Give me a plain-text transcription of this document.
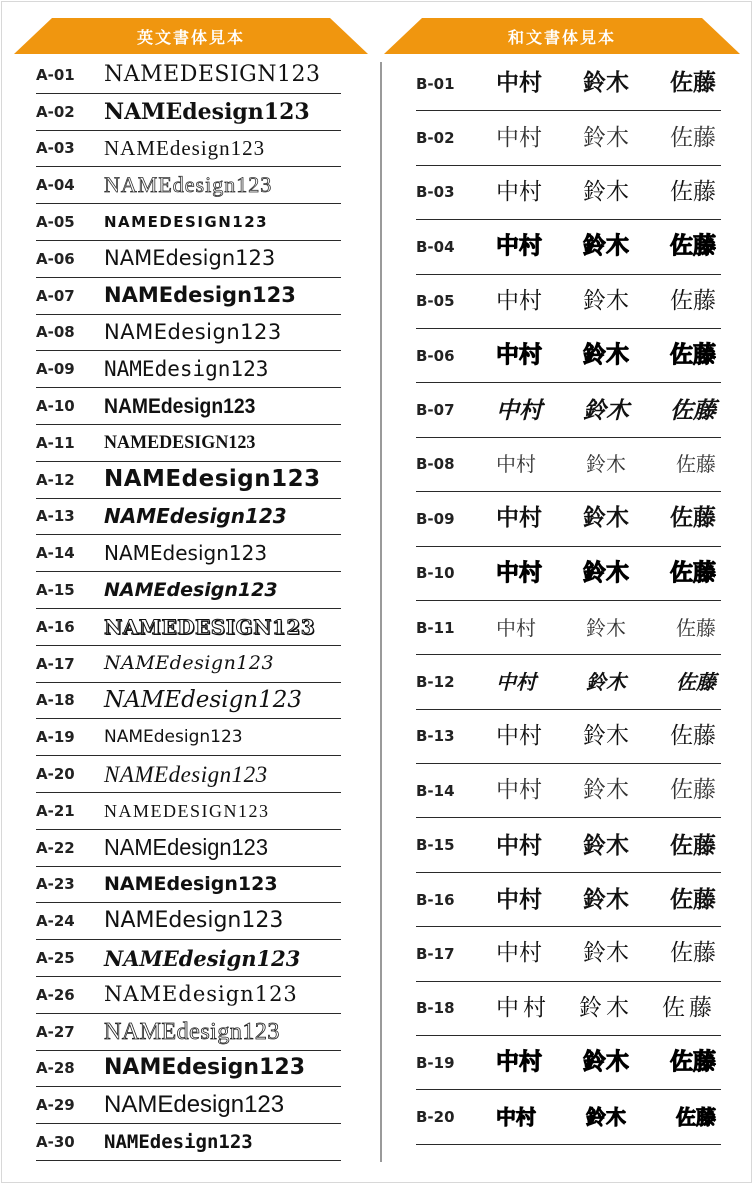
英文書体見本	和文書体見本
A-01	NAMEDESIGN123
A-02	NAMEdesign123
A-03	NAMEdesign123
A-04	NAMEdesign123
A-05	NAMEDESIGN123
A-06	NAMEdesign123
A-07	NAMEdesign123
A-08	NAMEdesign123
A-09	NAMEdesign123
A-10	NAMEdesign123
A-11	NAMEDESIGN123
A-12	NAMEdesign123
A-13	NAMEdesign123
A-14	NAMEdesign123
A-15	NAMEdesign123
A-16	NAMEDESIGN123
A-17	NAMEdesign123
A-18	NAMEdesign123
A-19	NAMEdesign123
A-20	NAMEdesign123
A-21	NAMEDESIGN123
A-22	NAMEdesign123
A-23	NAMEdesign123
A-24	NAMEdesign123
A-25	NAMEdesign123
A-26	NAMEdesign123
A-27	NAMEdesign123
A-28	NAMEdesign123
A-29	NAMEdesign123
A-30	NAMEdesign123
B-01	中村 鈴木 佐藤
B-02	中村 鈴木 佐藤
B-03	中村 鈴木 佐藤
B-04	中村 鈴木 佐藤
B-05	中村 鈴木 佐藤
B-06	中村 鈴木 佐藤
B-07	中村 鈴木 佐藤
B-08	中村	鈴木	佐藤
B-09	中村 鈴木 佐藤
B-10	中村 鈴木 佐藤
B-11	中村	鈴木	佐藤
B-12	中村	鈴木	佐藤
B-13	中村 鈴木 佐藤
B-14	中村 鈴木 佐藤
B-15	中村 鈴木 佐藤
B-16	中村 鈴木 佐藤
B-17	中村 鈴木 佐藤
B-18	中村 鈴木 佐藤
B-19	中村 鈴木 佐藤
B-20	中村	鈴木	佐藤
